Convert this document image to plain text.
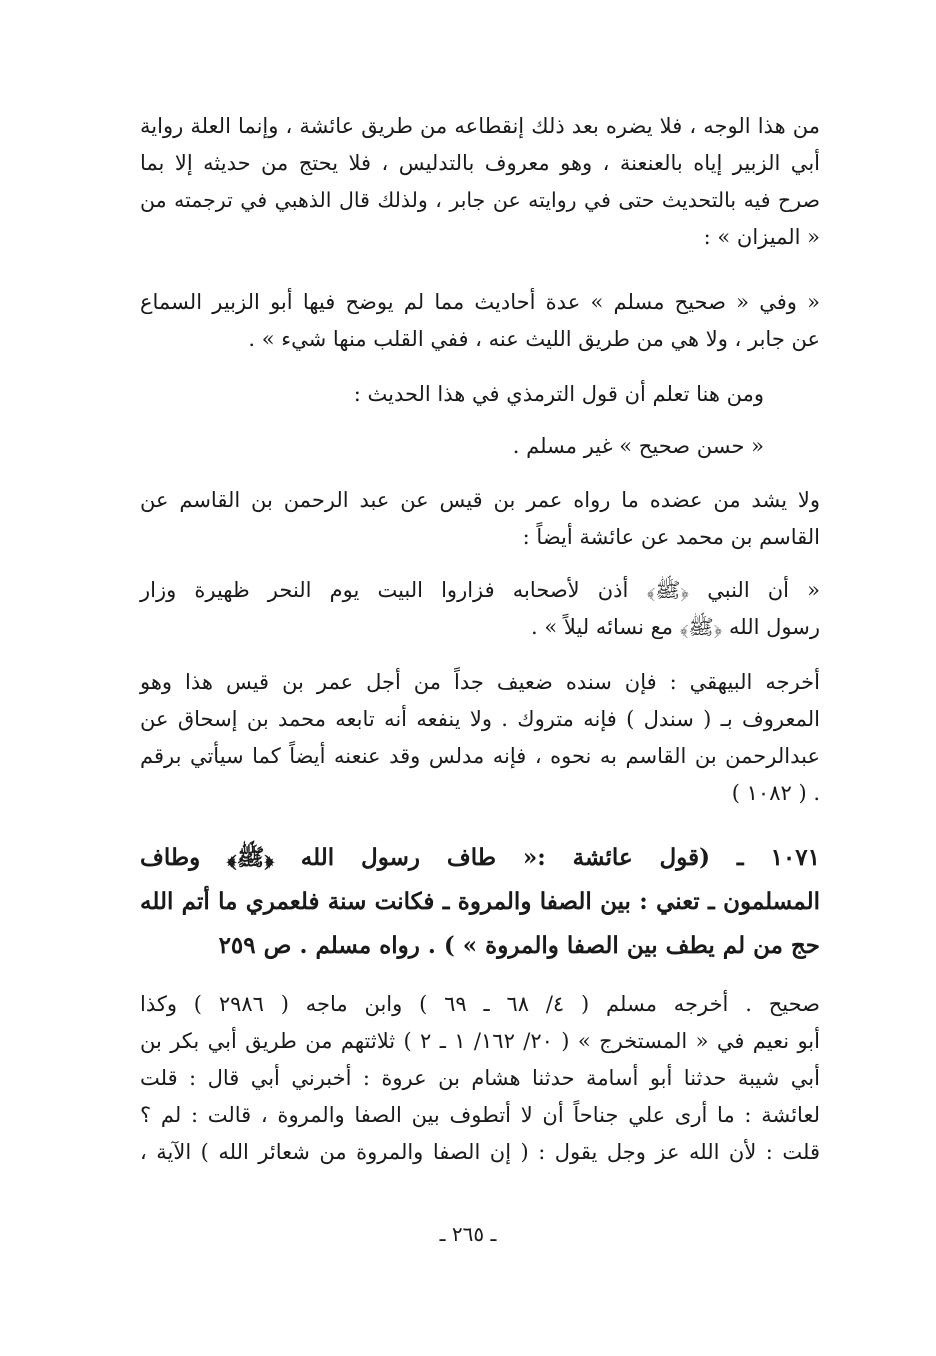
من هذا الوجه ، فلا يضره بعد ذلك إنقطاعه من طريق عائشة ، وإنما العلة رواية
أبي الزبير إياه بالعنعنة ، وهو معروف بالتدليس ، فلا يحتج من حديثه إلا بما
صرح فيه بالتحديث حتى في روايته عن جابر ، ولذلك قال الذهبي في ترجمته من
« الميزان » :
« وفي « صحيح مسلم » عدة أحاديث مما لم يوضح فيها أبو الزبير السماع
عن جابر ، ولا هي من طريق الليث عنه ، ففي القلب منها شيء » .
ومن هنا تعلم أن قول الترمذي في هذا الحديث :
« حسن صحيح » غير مسلم .
ولا يشد من عضده ما رواه عمر بن قيس عن عبد الرحمن بن القاسم عن
القاسم بن محمد عن عائشة أيضاً :
« أن النبي ﴿ﷺ﴾ أذن لأصحابه فزاروا البيت يوم النحر ظهيرة وزار
رسول الله ﴿ﷺ﴾ مع نسائه ليلاً » .
أخرجه البيهقي : فإن سنده ضعيف جداً من أجل عمر بن قيس هذا وهو
المعروف بـ ( سندل ) فإنه متروك . ولا ينفعه أنه تابعه محمد بن إسحاق عن
عبدالرحمن بن القاسم به نحوه ، فإنه مدلس وقد عنعنه أيضاً كما سيأتي برقم
. ( ١٠٨٢ )
١٠٧١ ـ (قول عائشة :« طاف رسول الله ﴿ﷺ﴾ وطاف
المسلمون ـ تعني : بين الصفا والمروة ـ فكانت سنة فلعمري ما أتم الله
حج من لم يطف بين الصفا والمروة » ) . رواه مسلم . ص ٢٥٩
صحيح . أخرجه مسلم ( ٤/ ٦٨ ـ ٦٩ ) وابن ماجه ( ٢٩٨٦ ) وكذا
أبو نعيم في « المستخرج » ( ٢٠/ ١٦٢/ ١ ـ ٢ ) ثلاثتهم من طريق أبي بكر بن
أبي شيبة حدثنا أبو أسامة حدثنا هشام بن عروة : أخبرني أبي قال : قلت
لعائشة : ما أرى علي جناحاً أن لا أتطوف بين الصفا والمروة ، قالت : لم ؟
قلت : لأن الله عز وجل يقول : ( إن الصفا والمروة من شعائر الله ) الآية ،
ـ ٢٦٥ ـ
